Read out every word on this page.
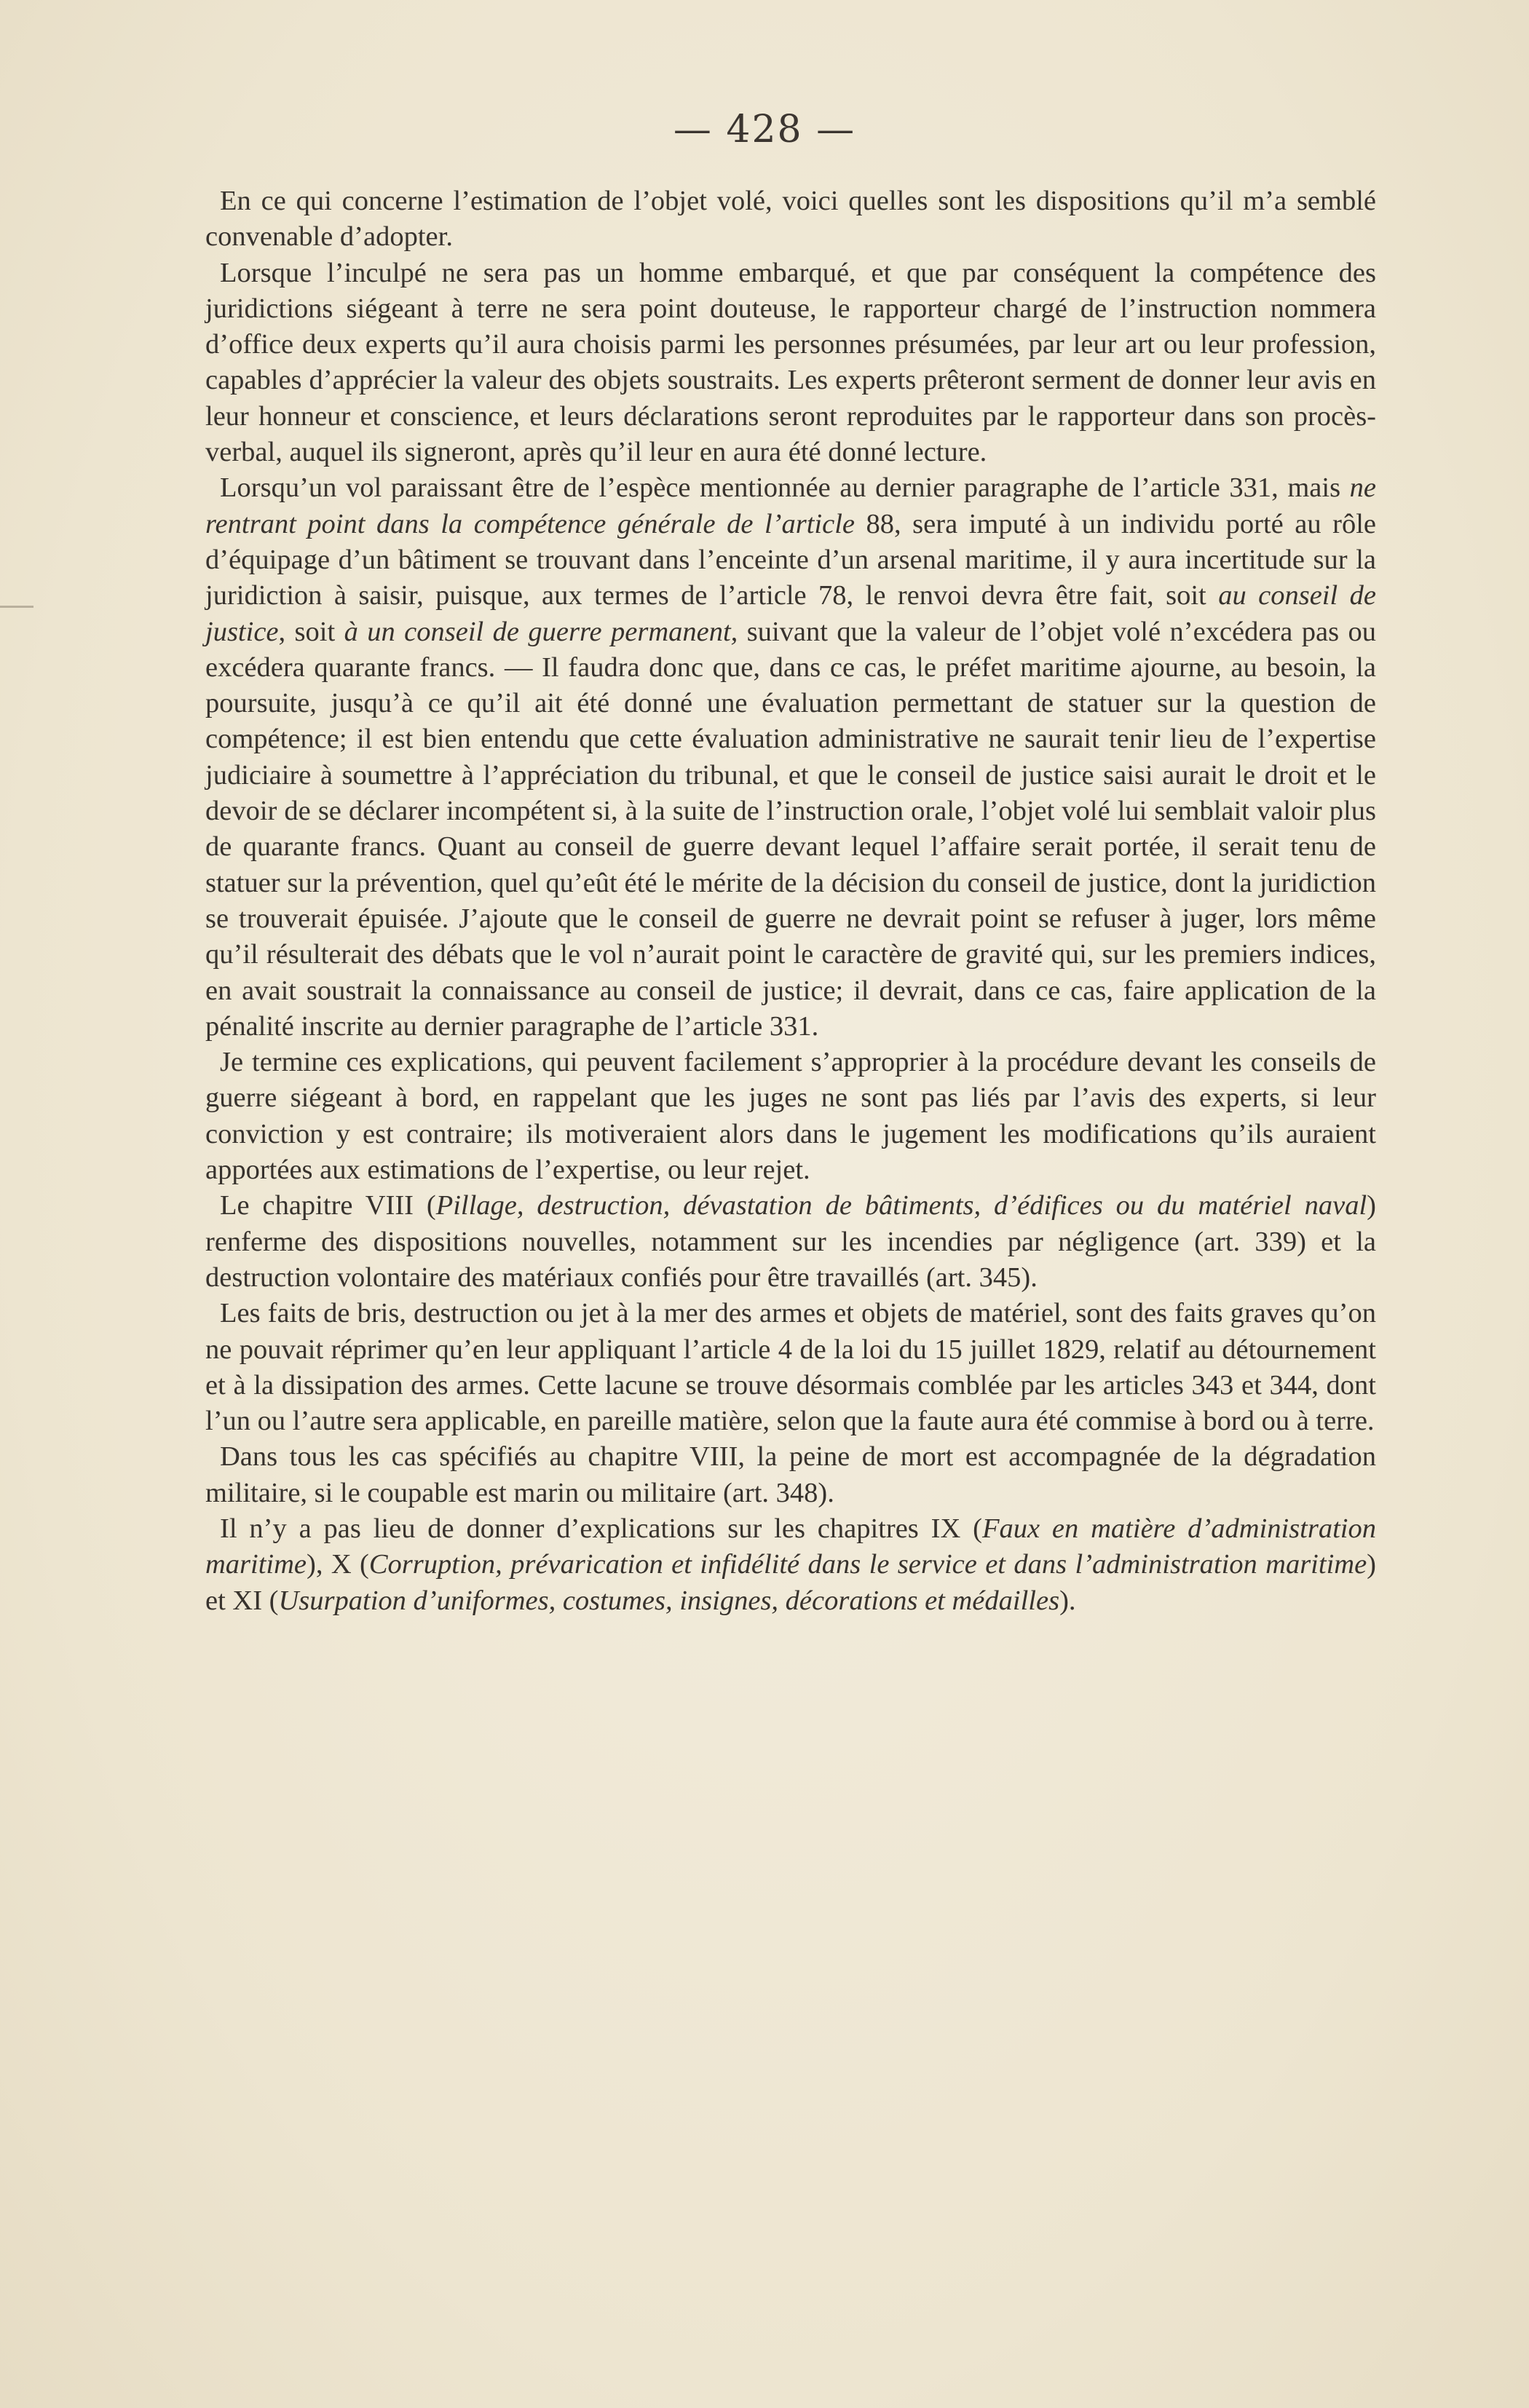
— 428 —

En ce qui concerne l’estimation de l’objet volé, voici quelles sont les dispositions qu’il m’a semblé convenable d’adopter.

Lorsque l’inculpé ne sera pas un homme embarqué, et que par conséquent la compétence des juridictions siégeant à terre ne sera point douteuse, le rapporteur chargé de l’instruction nommera d’office deux experts qu’il aura choisis parmi les personnes présumées, par leur art ou leur profession, capables d’apprécier la valeur des objets soustraits. Les experts prêteront serment de donner leur avis en leur honneur et conscience, et leurs déclarations seront reproduites par le rapporteur dans son procès-verbal, auquel ils signeront, après qu’il leur en aura été donné lecture.

Lorsqu’un vol paraissant être de l’espèce mentionnée au dernier paragraphe de l’article 331, mais ne rentrant point dans la compétence générale de l’article 88, sera imputé à un individu porté au rôle d’équipage d’un bâtiment se trouvant dans l’enceinte d’un arsenal maritime, il y aura incertitude sur la juridiction à saisir, puisque, aux termes de l’article 78, le renvoi devra être fait, soit au conseil de justice, soit à un conseil de guerre permanent, suivant que la valeur de l’objet volé n’excédera pas ou excédera quarante francs. — Il faudra donc que, dans ce cas, le préfet maritime ajourne, au besoin, la poursuite, jusqu’à ce qu’il ait été donné une évaluation permettant de statuer sur la question de compétence; il est bien entendu que cette évaluation administrative ne saurait tenir lieu de l’expertise judiciaire à soumettre à l’appréciation du tribunal, et que le conseil de justice saisi aurait le droit et le devoir de se déclarer incompétent si, à la suite de l’instruction orale, l’objet volé lui semblait valoir plus de quarante francs. Quant au conseil de guerre devant lequel l’affaire serait portée, il serait tenu de statuer sur la prévention, quel qu’eût été le mérite de la décision du conseil de justice, dont la juridiction se trouverait épuisée. J’ajoute que le conseil de guerre ne devrait point se refuser à juger, lors même qu’il résulterait des débats que le vol n’aurait point le caractère de gravité qui, sur les premiers indices, en avait soustrait la connaissance au conseil de justice; il devrait, dans ce cas, faire application de la pénalité inscrite au dernier paragraphe de l’article 331.

Je termine ces explications, qui peuvent facilement s’approprier à la procédure devant les conseils de guerre siégeant à bord, en rappelant que les juges ne sont pas liés par l’avis des experts, si leur conviction y est contraire; ils motiveraient alors dans le jugement les modifications qu’ils auraient apportées aux estimations de l’expertise, ou leur rejet.

Le chapitre VIII (Pillage, destruction, dévastation de bâtiments, d’édifices ou du matériel naval) renferme des dispositions nouvelles, notamment sur les incendies par négligence (art. 339) et la destruction volontaire des matériaux confiés pour être travaillés (art. 345).

Les faits de bris, destruction ou jet à la mer des armes et objets de matériel, sont des faits graves qu’on ne pouvait réprimer qu’en leur appliquant l’article 4 de la loi du 15 juillet 1829, relatif au détournement et à la dissipation des armes. Cette lacune se trouve désormais comblée par les articles 343 et 344, dont l’un ou l’autre sera applicable, en pareille matière, selon que la faute aura été commise à bord ou à terre.

Dans tous les cas spécifiés au chapitre VIII, la peine de mort est accompagnée de la dégradation militaire, si le coupable est marin ou militaire (art. 348).

Il n’y a pas lieu de donner d’explications sur les chapitres IX (Faux en matière d’administration maritime), X (Corruption, prévarication et infidélité dans le service et dans l’administration maritime) et XI (Usurpation d’uniformes, costumes, insignes, décorations et médailles).
